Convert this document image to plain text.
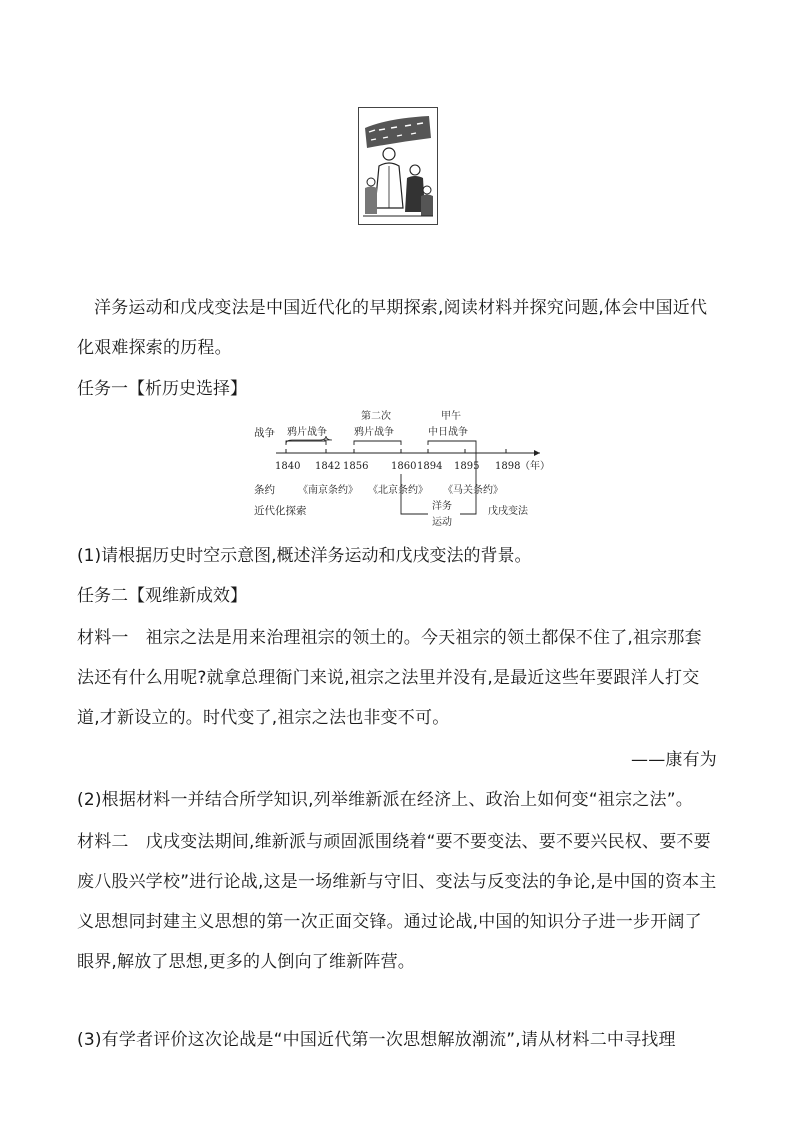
洋务运动和戊戌变法是中国近代化的早期探索,阅读材料并探究问题,体会中国近代化艰难探索的历程。
任务一【析历史选择】
战争
条约
近代化探索
鸦片战争
第二次
鸦片战争
甲午
中日战争
1840 1842 1856 1860 1894 1895 1898 （年）
《南京条约》 《北京条约》 《马关条约》
洋务
运动
戊戌变法
(1)请根据历史时空示意图,概述洋务运动和戊戌变法的背景。
任务二【观维新成效】
材料一　祖宗之法是用来治理祖宗的领土的。今天祖宗的领土都保不住了,祖宗那套法还有什么用呢?就拿总理衙门来说,祖宗之法里并没有,是最近这些年要跟洋人打交道,才新设立的。时代变了,祖宗之法也非变不可。
——康有为
(2)根据材料一并结合所学知识,列举维新派在经济上、政治上如何变“祖宗之法”。
材料二　戊戌变法期间,维新派与顽固派围绕着“要不要变法、要不要兴民权、要不要废八股兴学校”进行论战,这是一场维新与守旧、变法与反变法的争论,是中国的资本主义思想同封建主义思想的第一次正面交锋。通过论战,中国的知识分子进一步开阔了眼界,解放了思想,更多的人倒向了维新阵营。
(3)有学者评价这次论战是“中国近代第一次思想解放潮流”,请从材料二中寻找理
